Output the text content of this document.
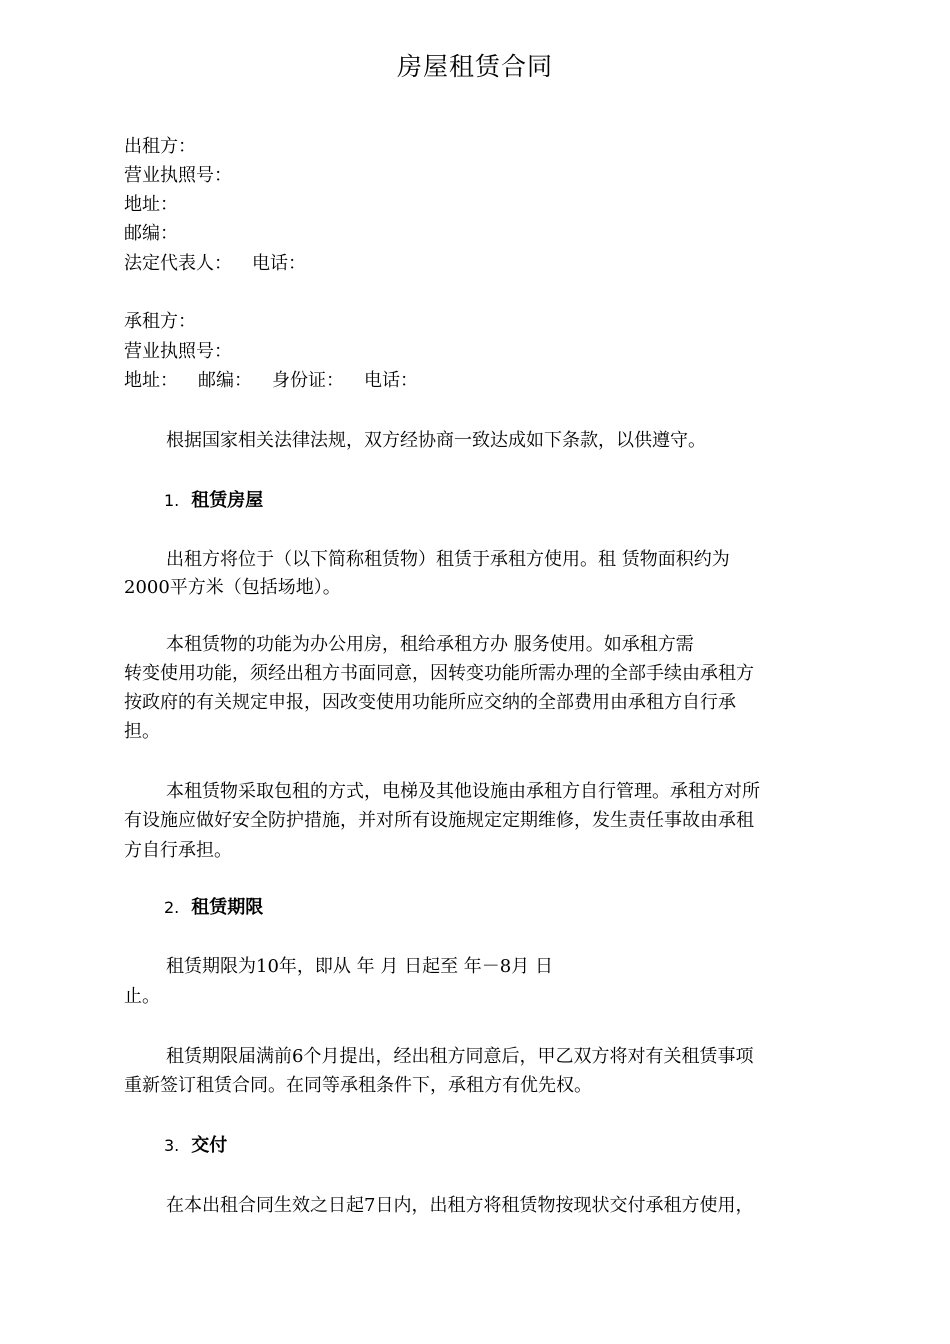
房屋租赁合同
出租方：
营业执照号：
地址：
邮编：
法定代表人： 电话：
承租方：
营业执照号：
地址： 邮编： 身份证： 电话：
根据国家相关法律法规，双方经协商一致达成如下条款，以供遵守。
1. 租赁房屋
出租方将位于（以下简称租赁物）租赁于承租方使用。租 赁物面积约为
2000平方米（包括场地）。
本租赁物的功能为办公用房，租给承租方办 服务使用。如承租方需
转变使用功能，须经出租方书面同意，因转变功能所需办理的全部手续由承租方
按政府的有关规定申报，因改变使用功能所应交纳的全部费用由承租方自行承
担。
本租赁物采取包租的方式，电梯及其他设施由承租方自行管理。承租方对所
有设施应做好安全防护措施，并对所有设施规定定期维修，发生责任事故由承租
方自行承担。
2. 租赁期限
租赁期限为10年，即从 年 月 日起至 年－8月 日
止。
租赁期限届满前6个月提出，经出租方同意后，甲乙双方将对有关租赁事项
重新签订租赁合同。在同等承租条件下，承租方有优先权。
3. 交付
在本出租合同生效之日起7日内，出租方将租赁物按现状交付承租方使用，
